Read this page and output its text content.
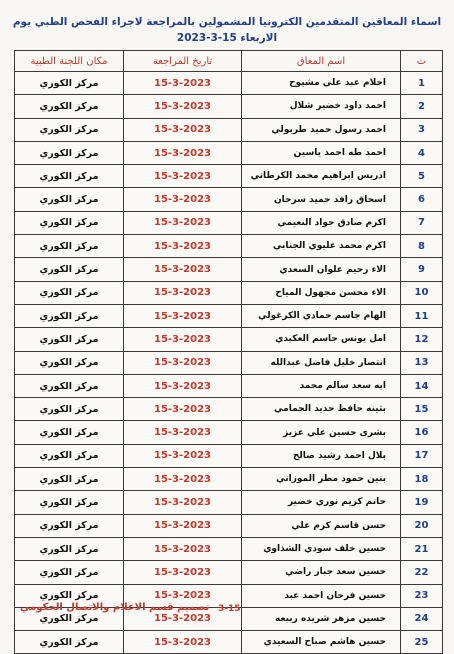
اسماء المعاقين المتقدمين الكترونيا المشمولين بالمراجعة لاجراء الفحص الطبي يوم الاربعاء 15-3-2023
ت	اسم المعاق	تاريخ المراجعة	مكان اللجنة الطبية
1	احلام عبد علي مشيوح	15-3-2023	مركز الكوري
2	احمد داود خضير شلال	15-3-2023	مركز الكوري
3	احمد رسول حميد طربولي	15-3-2023	مركز الكوري
4	احمد طه احمد ياسين	15-3-2023	مركز الكوري
5	ادريس ابراهيم محمد الكرطاني	15-3-2023	مركز الكوري
6	اسحاق رافد حميد سرحان	15-3-2023	مركز الكوري
7	اكرم صادق جواد النعيمي	15-3-2023	مركز الكوري
8	اكرم محمد عليوي الجنابي	15-3-2023	مركز الكوري
9	الاء رحيم علوان السعدي	15-3-2023	مركز الكوري
10	الاء محسن مجهول المياح	15-3-2023	مركز الكوري
11	الهام جاسم حمادي الكرغولي	15-3-2023	مركز الكوري
12	امل يونس جاسم العكيدي	15-3-2023	مركز الكوري
13	انتصار خليل فاضل عبدالله	15-3-2023	مركز الكوري
14	ايه سعد سالم محمد	15-3-2023	مركز الكوري
15	بثينه حافظ حديد الحمامي	15-3-2023	مركز الكوري
16	بشرى حسين علي عزيز	15-3-2023	مركز الكوري
17	بلال احمد رشيد صالح	15-3-2023	مركز الكوري
18	بنين حمود مطر الموزاني	15-3-2023	مركز الكوري
19	حاتم كريم نوري خضير	15-3-2023	مركز الكوري
20	حسن قاسم كرم علي	15-3-2023	مركز الكوري
21	حسين خلف سودي الشذاوي	15-3-2023	مركز الكوري
22	حسين سعد جبار راضي	15-3-2023	مركز الكوري
23	حسين فرحان احمد عبد	15-3-2023	مركز الكوري
24	حسين مزهر شريده ربيعه	15-3-2023	مركز الكوري
25	حسين هاشم صباح السعيدي	15-3-2023	مركز الكوري
تصميم قسم الاعلام والاتصال الحكومي 3-15
